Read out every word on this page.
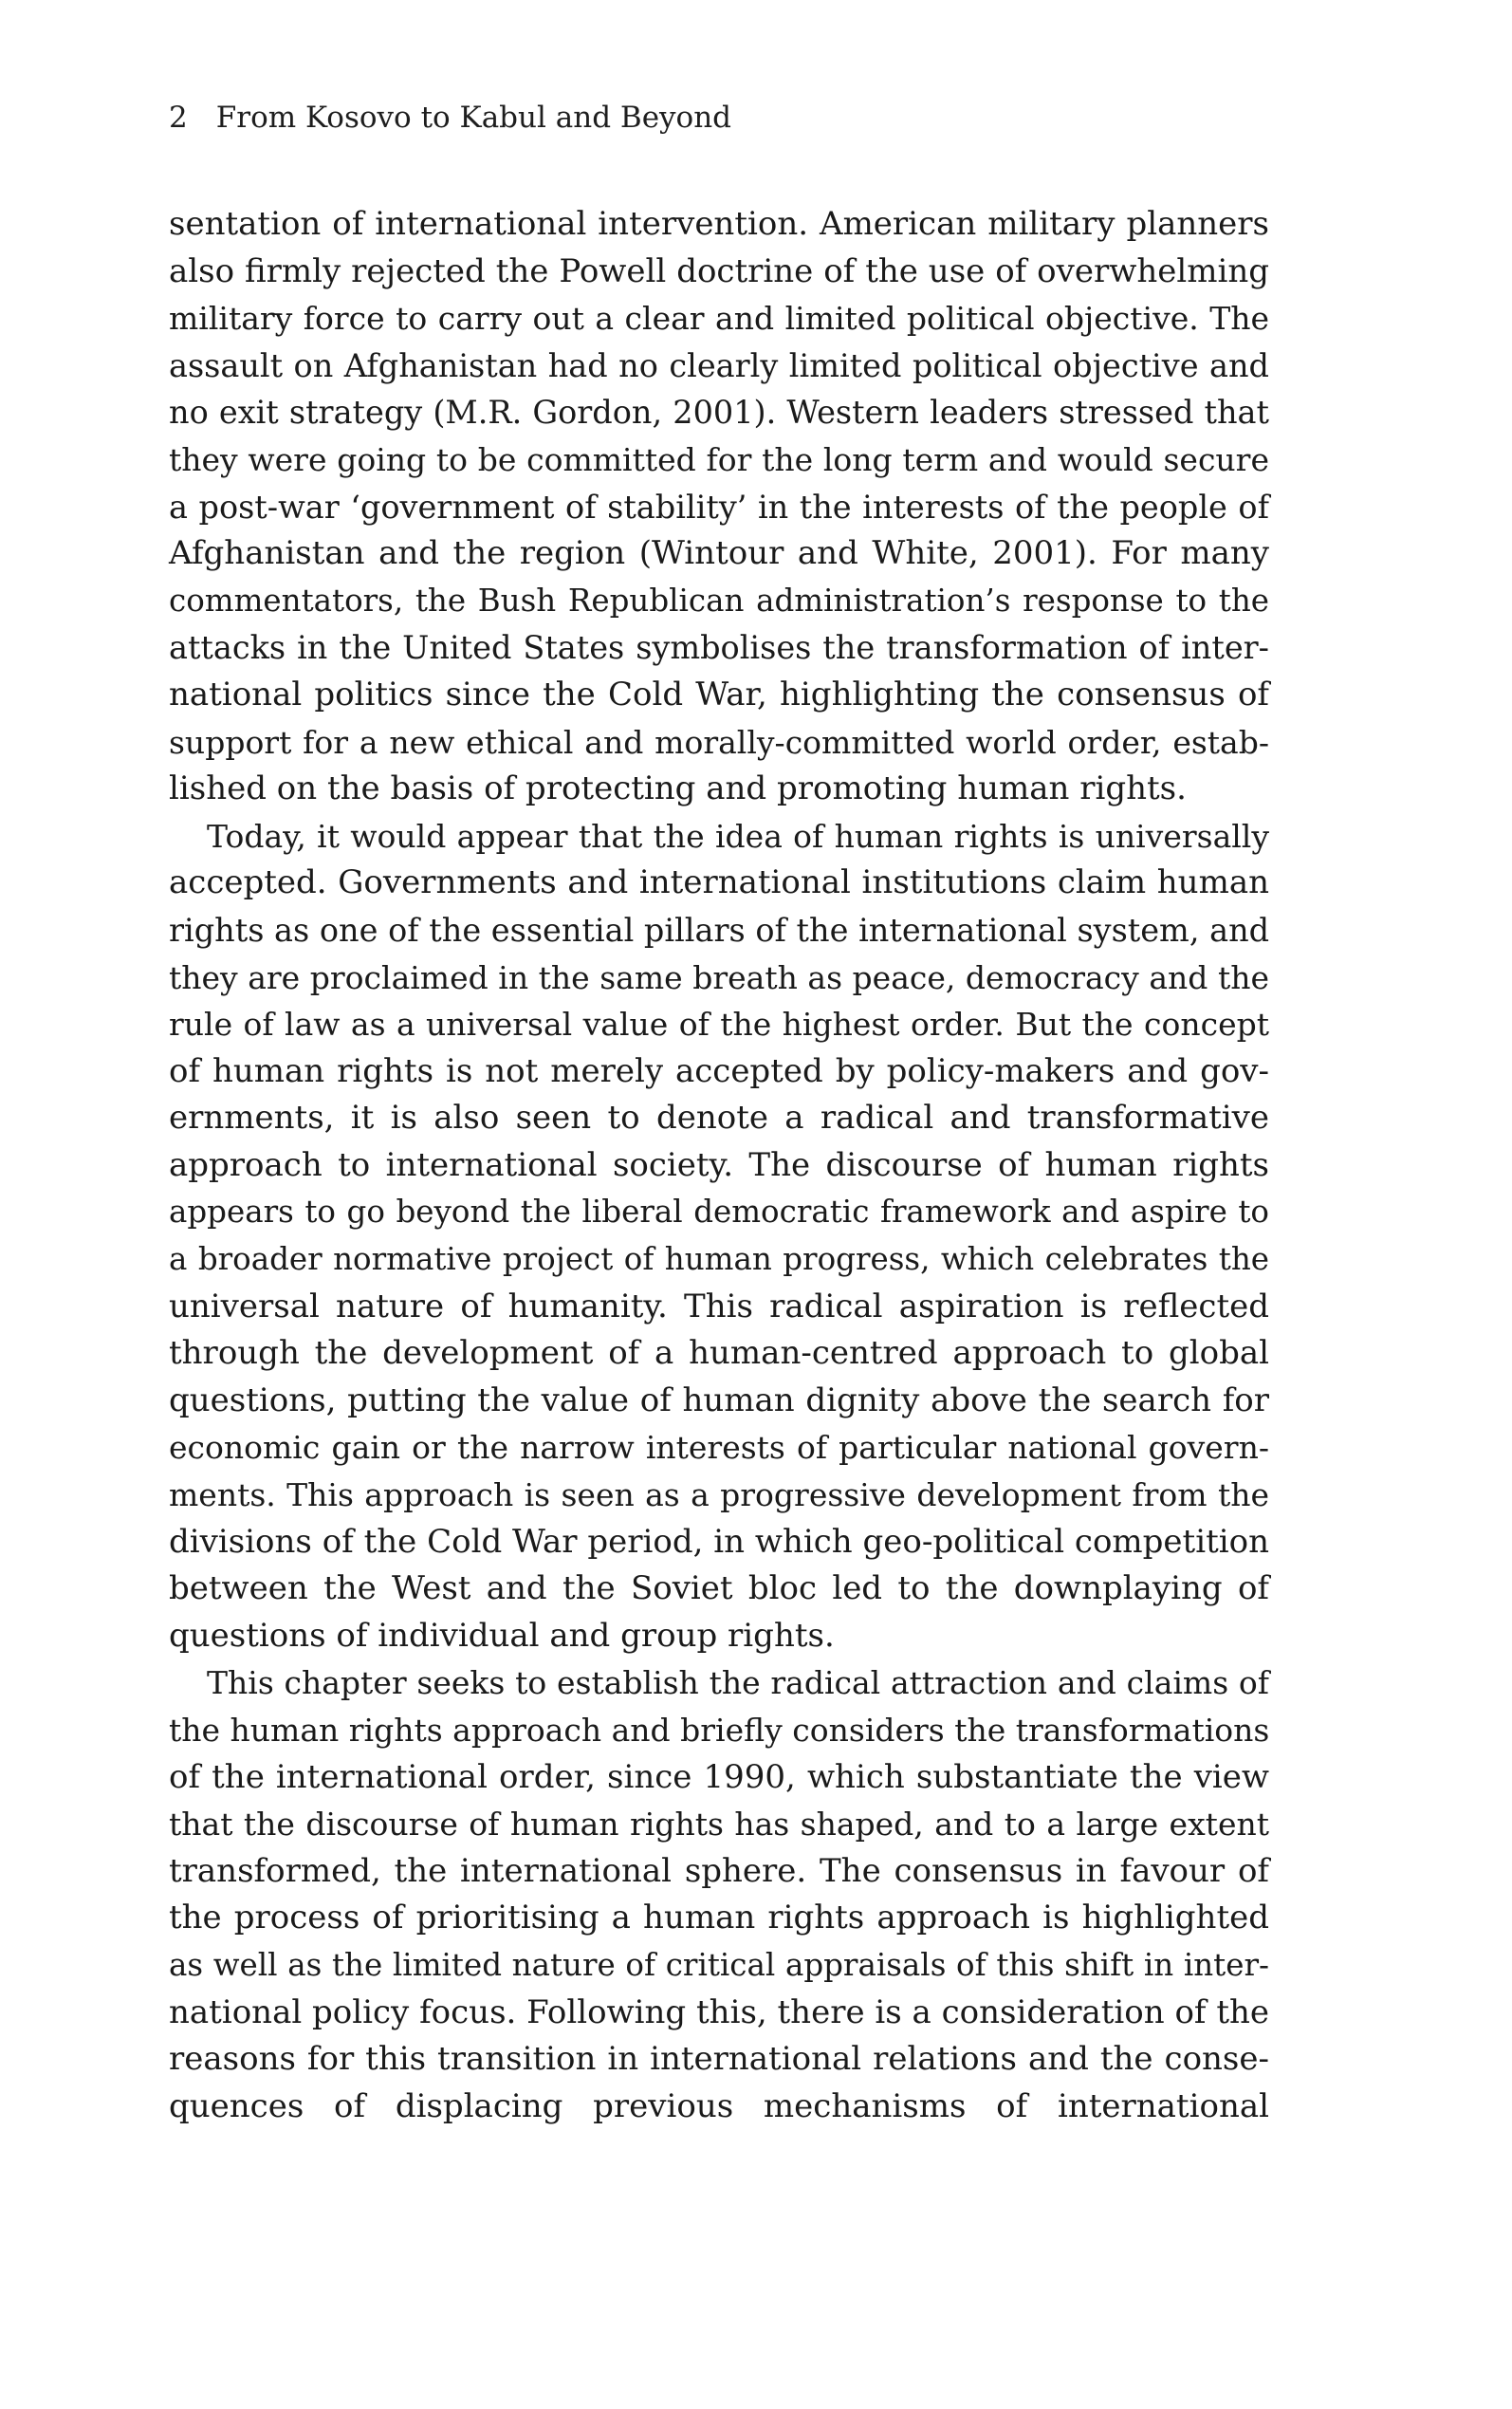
2 From Kosovo to Kabul and Beyond
sentation of international intervention. American military planners
also firmly rejected the Powell doctrine of the use of overwhelming
military force to carry out a clear and limited political objective. The
assault on Afghanistan had no clearly limited political objective and
no exit strategy (M.R. Gordon, 2001). Western leaders stressed that
they were going to be committed for the long term and would secure
a post-war ‘government of stability’ in the interests of the people of
Afghanistan and the region (Wintour and White, 2001). For many
commentators, the Bush Republican administration’s response to the
attacks in the United States symbolises the transformation of inter-
national politics since the Cold War, highlighting the consensus of
support for a new ethical and morally-committed world order, estab-
lished on the basis of protecting and promoting human rights.
Today, it would appear that the idea of human rights is universally
accepted. Governments and international institutions claim human
rights as one of the essential pillars of the international system, and
they are proclaimed in the same breath as peace, democracy and the
rule of law as a universal value of the highest order. But the concept
of human rights is not merely accepted by policy-makers and gov-
ernments, it is also seen to denote a radical and transformative
approach to international society. The discourse of human rights
appears to go beyond the liberal democratic framework and aspire to
a broader normative project of human progress, which celebrates the
universal nature of humanity. This radical aspiration is reflected
through the development of a human-centred approach to global
questions, putting the value of human dignity above the search for
economic gain or the narrow interests of particular national govern-
ments. This approach is seen as a progressive development from the
divisions of the Cold War period, in which geo-political competition
between the West and the Soviet bloc led to the downplaying of
questions of individual and group rights.
This chapter seeks to establish the radical attraction and claims of
the human rights approach and briefly considers the transformations
of the international order, since 1990, which substantiate the view
that the discourse of human rights has shaped, and to a large extent
transformed, the international sphere. The consensus in favour of
the process of prioritising a human rights approach is highlighted
as well as the limited nature of critical appraisals of this shift in inter-
national policy focus. Following this, there is a consideration of the
reasons for this transition in international relations and the conse-
quences of displacing previous mechanisms of international
